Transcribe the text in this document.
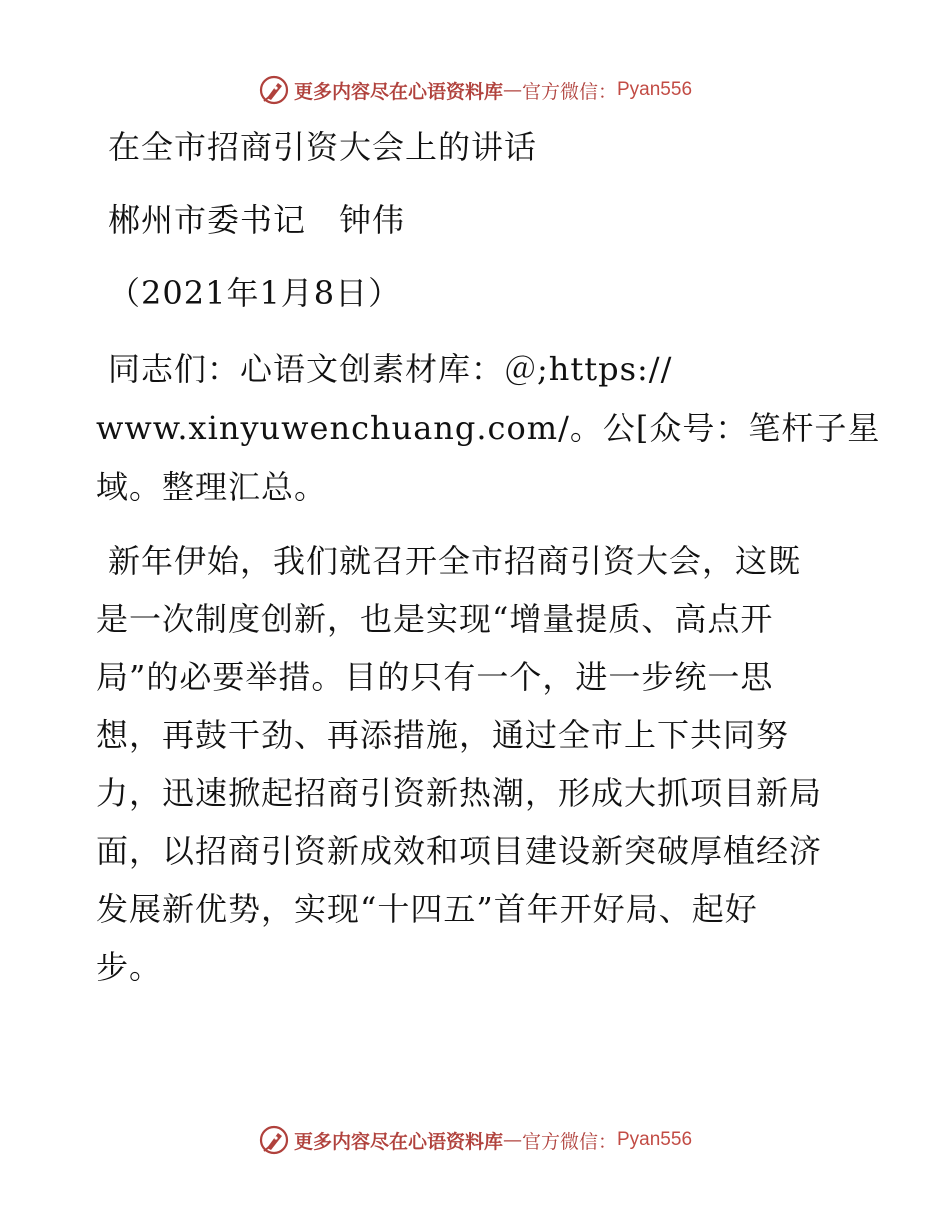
更多内容尽在心语资料库 — 官方微信： Pyan556
在全市招商引资大会上的讲话
郴州市委书记　钟伟
（2021年1月8日）
同志们：心语文创素材库：＠;https://
www.xinyuwenchuang.com/。公[众号：笔杆子星
域。整理汇总。
新年伊始，我们就召开全市招商引资大会，这既
是一次制度创新，也是实现“增量提质、高点开
局”的必要举措。目的只有一个，进一步统一思
想，再鼓干劲、再添措施，通过全市上下共同努
力，迅速掀起招商引资新热潮，形成大抓项目新局
面，以招商引资新成效和项目建设新突破厚植经济
发展新优势，实现“十四五”首年开好局、起好
步。
更多内容尽在心语资料库 — 官方微信： Pyan556
